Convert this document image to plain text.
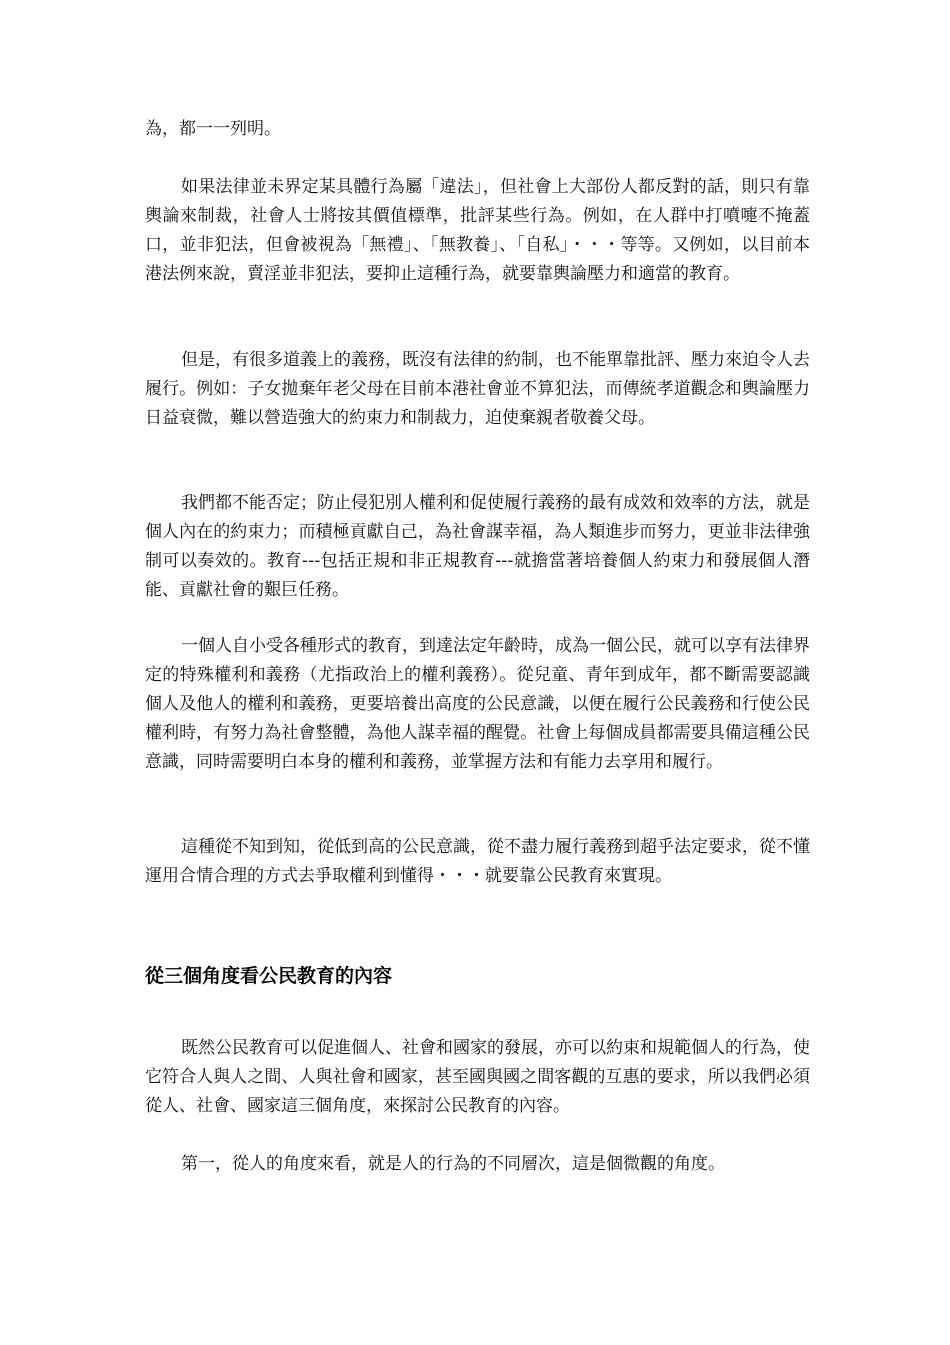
為，都一一列明。

如果法律並未界定某具體行為屬「違法」，但社會上大部份人都反對的話，則只有靠輿論來制裁，社會人士將按其價值標準，批評某些行為。例如，在人群中打噴嚏不掩蓋口，並非犯法，但會被視為「無禮」、「無教養」、「自私」・・・等等。又例如，以目前本港法例來說，賣淫並非犯法，要抑止這種行為，就要靠輿論壓力和適當的教育。

但是，有很多道義上的義務，既沒有法律的約制，也不能單靠批評、壓力來迫令人去履行。例如：子女拋棄年老父母在目前本港社會並不算犯法，而傳統孝道觀念和輿論壓力日益衰微，難以營造強大的約束力和制裁力，迫使棄親者敬養父母。

我們都不能否定；防止侵犯別人權利和促使履行義務的最有成效和效率的方法，就是個人內在的約束力；而積極貢獻自己，為社會謀幸福，為人類進步而努力，更並非法律強制可以奏效的。教育---包括正規和非正規教育---就擔當著培養個人約束力和發展個人潛能、貢獻社會的艱巨任務。

一個人自小受各種形式的教育，到達法定年齡時，成為一個公民，就可以享有法律界定的特殊權利和義務（尤指政治上的權利義務）。從兒童、青年到成年，都不斷需要認識個人及他人的權利和義務，更要培養出高度的公民意識，以便在履行公民義務和行使公民權利時，有努力為社會整體，為他人謀幸福的醒覺。社會上每個成員都需要具備這種公民意識，同時需要明白本身的權利和義務，並掌握方法和有能力去享用和履行。

這種從不知到知，從低到高的公民意識，從不盡力履行義務到超乎法定要求，從不懂運用合情合理的方式去爭取權利到懂得・・・就要靠公民教育來實現。

從三個角度看公民教育的內容

既然公民教育可以促進個人、社會和國家的發展，亦可以約束和規範個人的行為，使它符合人與人之間、人與社會和國家，甚至國與國之間客觀的互惠的要求，所以我們必須從人、社會、國家這三個角度，來探討公民教育的內容。

第一，從人的角度來看，就是人的行為的不同層次，這是個微觀的角度。
